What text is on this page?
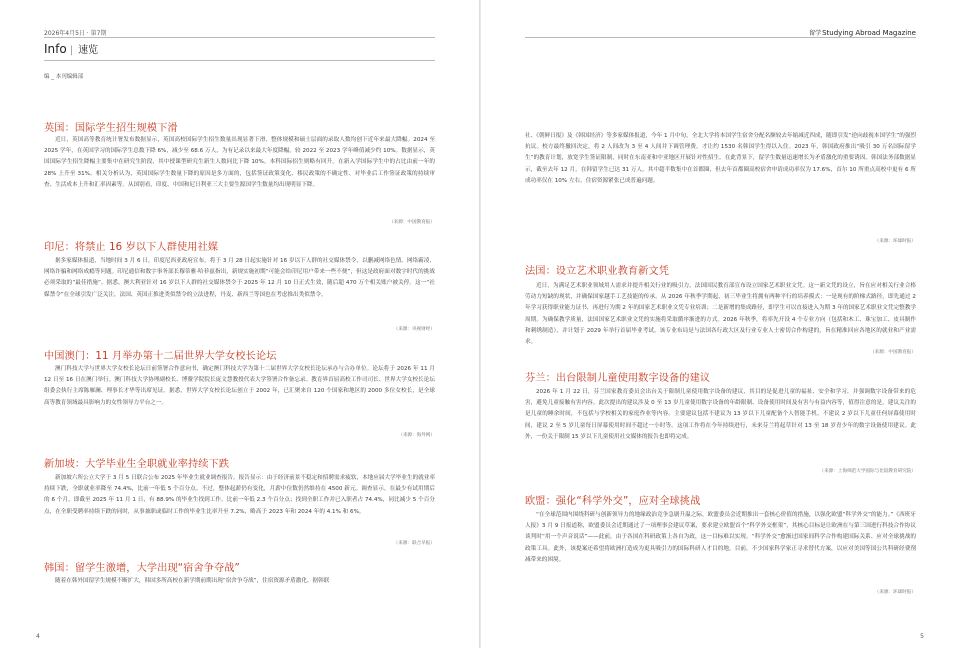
2026年4月5日 · 第7期
Info | 速览
编 _ 本刊编辑部
英国：国际学生招生规模下滑

近日，英国高等教育统计署发布数据显示，英国高校国际学生招生数量出现显著下滑，整体规模和硕士层面的录取人数均创下近年来最大降幅。2024 至 2025 学年，在英国学习的国际学生总数下降 6%，减少至 68.6 万人，为有记录以来最大年度降幅。较 2022 至 2023 学年峰值减少约 10%。数据显示，英国国际学生招生降幅主要集中在研究生阶段，其中授课型研究生新生人数同比下降 10%。本科国际招生则略有回升。在新入学国际学生中的占比由前一年的 28% 上升至 31%。相关分析认为，英国国际学生数量下降的原因是多方面的，包括签证政策变化、移民政策的不确定性、对毕业后工作签证政策的持续审查、生活成本上升和汇率因素等。从国别看，印度、中国和尼日利亚三大主要生源国学生数量均出现明显下降。

（来源：中国教育报）
印尼：将禁止 16 岁以下人群使用社媒

据多家媒体报道，当地时间 3 月 6 日，印度尼西亚政府宣布，将于 3 月 28 日起实施针对 16 岁以下人群的社交媒体禁令，以删减网络色情、网络霸凌、网络诈骗和网络成瘾等问题。印尼通信和数字事务部长穆蒂雅·哈菲兹指出，新规实施初期“可能会给印尼用户带来一些不便”，但这是政府面对数字时代的挑战必须采取的“最佳措施”。据悉，澳大利亚针对 16 岁以下人群的社交媒体禁令于 2025 年 12 月 10 日正式生效，随后超 470 万个相关账户被关停。这一“社媒禁令”在全球引发广泛关注，法国、英国正推进类似禁令的立法进程，丹麦、新西兰等国也在考虑推出类似禁令。

（来源：央视财经）
中国澳门：11 月举办第十二届世界大学女校长论坛

澳门科技大学与世界大学女校长论坛日前签署合作意向书，确定澳门科技大学为第十二届世界大学女校长论坛承办与合办单位。论坛将于 2026 年 11 月 12 日至 16 日在澳门举行。澳门科技大学协理副校长、博鳌学院院长庞文慧教授代表大学签署合作备忘录。教育界首屈高校工作司司长、世界大学女校长论坛组委会执行主席陈雁澜、理事长才华等出席见证。据悉，世界大学女校长论坛创立于 2002 年，已汇聚来自 120 个国家和地区的 2000 多位女校长，是全球高等教育领域最具影响力的女性领导力平台之一。

（来源：海外网）
新加坡：大学毕业生全职就业率持续下跌

新加坡六所公立大学于 3 月 5 日联合公布 2025 年毕业生就业调查报告。报告显示：由于经济前景不稳定和招聘需求疲软，本地应届大学毕业生的就业率持续下跌，全职就业率降至 74.4%，比前一年低 5 个百分点。不过，整体起薪仍有变化，月薪中位数仍然维持在 4500 新元。调查显示，在最少有试用期后的 6 个月，即截至 2025 年 11 月 1 日，有 88.9% 的毕业生找到工作，比前一年低 2.3 个百分点；找到全职工作并已入职者占 74.4%，同比减少 5 个百分点，在全职受聘率持续下跌的同时，从事兼职或临时工作的毕业生比率升至 7.2%，略高于 2023 年和 2024 年的 4.1% 和 6%。

（来源：联合早报）
韩国：留学生激增，大学出现“宿舍争夺战”

随着在韩外国留学生规模不断扩大，韩国多所高校在新学期前期出现“宿舍争夺战”，住宿资源矛盾激化。据韩联

4
留学Studying Abroad Magazine

社、《朝鲜日报》及《韩国经济》等多家媒体报道，今年 1 月中旬，全北大学将本国学生宿舍分配名额较去年缩减近四成，随即引发“逆向歧视本国学生”的强烈抗议。校方最终撤回决定，将 2 人间改为 3 至 4 人间并下调管理费，才让约 1530 名韩国学生得以入住。2023 年，韩国政府推出“吸引 30 万名国际留学生”的教育计划，放宽学生签证限制，同时在东南亚和中亚地区开展针对性招生。在此背景下，留学生数量迅速增长为矛盾激化的重要诱因。韩国法务部数据显示，截至去年 12 月，在韩留学生已达 31 万人，其中超半数集中在首都圈，但去年首都圈高校宿舍申请成功率仅为 17.6%，首尔 10 所重点高校中更有 6 所成功率仅在 10% 左右，住宿资源紧张已成普遍问题。

（来源：环球时报）
法国：设立艺术职业教育新文凭

近日，为满足艺术职业领域用人需求并提升相关行业的吸引力，法国国民教育部宣布设立国家艺术职业文凭。这一新文凭的设立，旨在应对相关行业合格劳动力短缺的现状，并确保国家越手工艺技能的传承。从 2026 年秋季学期起，初三毕业生将拥有两种平行的培养模式：一是现有的阶梯式路径，即先通过 2 年学习获得职业能力证书，再进行为期 2 年的国家艺术职业文凭专业培训；二是新增的集成路径，即学生可以直接进入为期 3 年的国家艺术职业文凭完整教学周期。为确保教学质量，法国国家艺术职业文凭的实施将采取循序渐进的方式。2026 年秋季，将率先开设 4 个专业方向（包括和木工、珠宝加工、皮具制作和刺绣制造），并计划于 2029 年举行首届毕业考试。该专业布局是与法国各行政大区及行业专业人士密切合作构建的，旨在精准回应各地区的就业和产业需求。

（来源：中国教育报）
芬兰：出台限制儿童使用数字设备的建议

2026 年 1 月 22 日，芬兰国家教育委员会出台关于限制儿童使用数字设备的建议，其目的是促进儿童的福祉、安全和学习，并强调数字设备带来的危害，避免儿童接触有害内容。此次提出的建议涉及 0 至 13 岁儿童使用数字设备的年龄限制、设备使用时间及有害与有益内容等，值得注意的是，建议关注的是儿童的睡余时间，不包括与学校相关的家庭作业等内容。主要建议包括不建议为 13 岁以下儿童配备个人智能手机、不建议 2 岁以下儿童任何屏幕使用时间，建议 2 至 5 岁儿童每日屏幕使用时间不超过一小时等。这项工作将在今年持续进行，未来芬兰将起草针对 13 至 18 岁青少年的数字设备使用建议。此外，一份关于限制 15 岁以下儿童使用社交媒体的报告也即将完成。

（来源：上海师范大学国际与比较教育研究院）
欧盟：强化“科学外交”，应对全球挑战

“在全球范围内围绕科研与创新领导力的地缘政治竞争急剧升温之际，欧盟委员会近期推出一套核心价值的措施，以强化欧盟“科学外交”的能力。”《西班牙人报》3 月 9 日报道称，欧盟委员会近期通过了一项理事会建议草案，要求建立欧盟首个“科学外交框架”，其核心目标是让欧洲在与第三国进行科技合作协议谈判时“用一个声音说话”——此前，由于各国在科研政策上各自为政，这一目标难以实现。“科学外交”愈渐过国家间科学合作构建国际关系、应对全球挑战的政策工具。此外，该提案还希望将欧洲打造成为更具吸引力的国际科研人才目的地，目前，不少国家科学家正寻求替代方案，以应对美国等国公共科研经费削减带来的困境。

（来源：环球时报）
5
